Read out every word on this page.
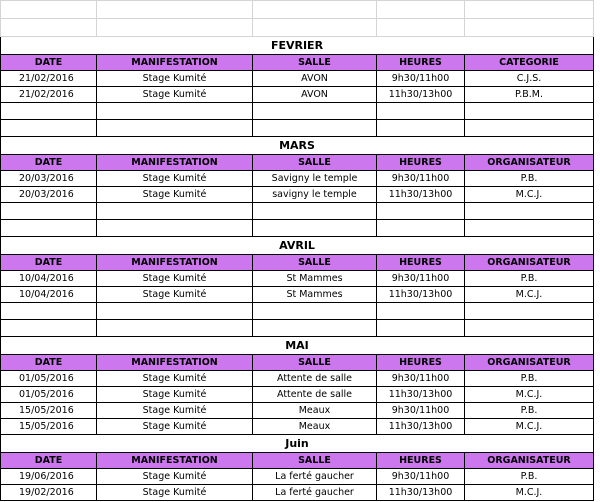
FEVRIER				
DATE	MANIFESTATION	SALLE	HEURES	CATEGORIE
21/02/2016	Stage Kumité	AVON	9h30/11h00	C.J.S.
21/02/2016	Stage Kumité	AVON	11h30/13h00	P.B.M.

MARS				
DATE	MANIFESTATION	SALLE	HEURES	ORGANISATEUR
20/03/2016	Stage Kumité	Savigny le temple	9h30/11h00	P.B.
20/03/2016	Stage Kumité	savigny le temple	11h30/13h00	M.C.J.

AVRIL				
DATE	MANIFESTATION	SALLE	HEURES	ORGANISATEUR
10/04/2016	Stage Kumité	St Mammes	9h30/11h00	P.B.
10/04/2016	Stage Kumité	St Mammes	11h30/13h00	M.C.J.

MAI				
DATE	MANIFESTATION	SALLE	HEURES	ORGANISATEUR
01/05/2016	Stage Kumité	Attente de salle	9h30/11h00	P.B.
01/05/2016	Stage Kumité	Attente de salle	11h30/13h00	M.C.J.
15/05/2016	Stage Kumité	Meaux	9h30/11h00	P.B.
15/05/2016	Stage Kumité	Meaux	11h30/13h00	M.C.J.
Juin				
DATE	MANIFESTATION	SALLE	HEURES	ORGANISATEUR
19/06/2016	Stage Kumité	La ferté gaucher	9h30/11h00	P.B.
19/02/2016	Stage Kumité	La ferté gaucher	11h30/13h00	M.C.J.
